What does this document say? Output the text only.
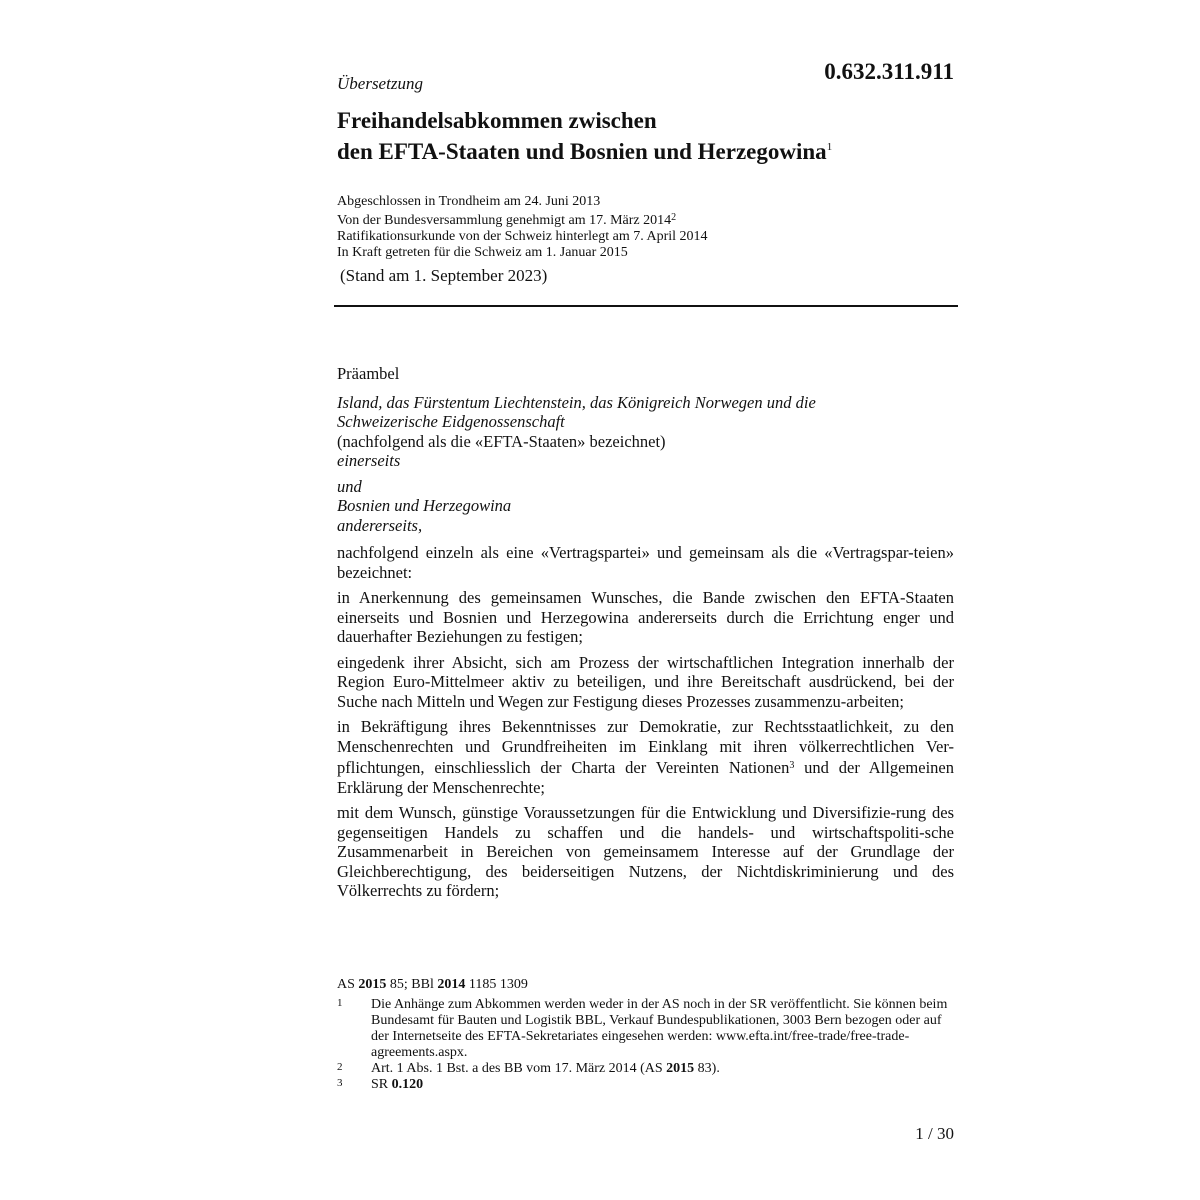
Übersetzung	0.632.311.911
Freihandelsabkommen zwischen
den EFTA-Staaten und Bosnien und Herzegowina$^1$
Abgeschlossen in Trondheim am 24. Juni 2013
Von der Bundesversammlung genehmigt am 17. März 2014$^2$
Ratifikationsurkunde von der Schweiz hinterlegt am 7. April 2014
In Kraft getreten für die Schweiz am 1. Januar 2015
(Stand am 1. September 2023)

Präambel

Island, das Fürstentum Liechtenstein, das Königreich Norwegen und die
Schweizerische Eidgenossenschaft
(nachfolgend als die «EFTA-Staaten» bezeichnet)
einerseits
und
Bosnien und Herzegowina
andererseits,

nachfolgend einzeln als eine «Vertragspartei» und gemeinsam als die «Vertragspar-teien» bezeichnet:

in Anerkennung des gemeinsamen Wunsches, die Bande zwischen den EFTA-Staaten einerseits und Bosnien und Herzegowina andererseits durch die Errichtung enger und dauerhafter Beziehungen zu festigen;

eingedenk ihrer Absicht, sich am Prozess der wirtschaftlichen Integration innerhalb der Region Euro-Mittelmeer aktiv zu beteiligen, und ihre Bereitschaft ausdrückend, bei der Suche nach Mitteln und Wegen zur Festigung dieses Prozesses zusammenzu-arbeiten;

in Bekräftigung ihres Bekenntnisses zur Demokratie, zur Rechtsstaatlichkeit, zu den Menschenrechten und Grundfreiheiten im Einklang mit ihren völkerrechtlichen Ver-pflichtungen, einschliesslich der Charta der Vereinten Nationen$^3$ und der Allgemeinen Erklärung der Menschenrechte;

mit dem Wunsch, günstige Voraussetzungen für die Entwicklung und Diversifizie-rung des gegenseitigen Handels zu schaffen und die handels- und wirtschaftspoliti-sche Zusammenarbeit in Bereichen von gemeinsamem Interesse auf der Grundlage der Gleichberechtigung, des beiderseitigen Nutzens, der Nichtdiskriminierung und des Völkerrechts zu fördern;

AS 2015 85; BBl 2014 1185 1309
1	Die Anhänge zum Abkommen werden weder in der AS noch in der SR veröffentlicht. Sie können beim Bundesamt für Bauten und Logistik BBL, Verkauf Bundespublikationen, 3003 Bern bezogen oder auf der Internetseite des EFTA-Sekretariates eingesehen werden: www.efta.int/free-trade/free-trade-agreements.aspx.
2	Art. 1 Abs. 1 Bst. a des BB vom 17. März 2014 (AS 2015 83).
3	SR 0.120
1 / 30
